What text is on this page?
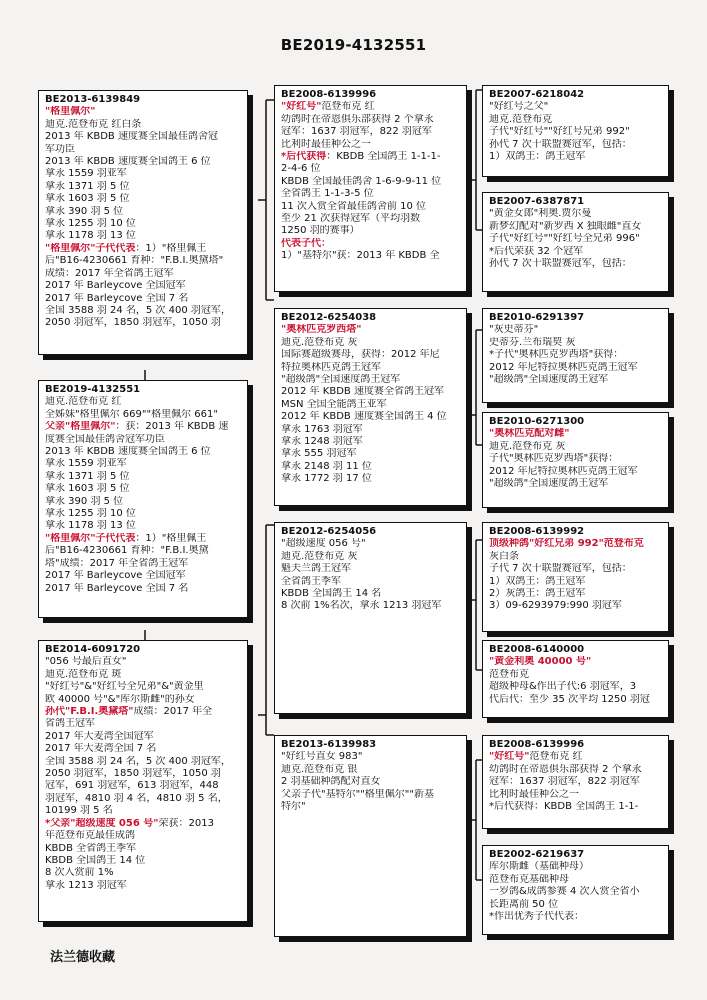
BE2019-4132551
BE2013-6139849
"格里佩尔"
迪克.范登布克 红白条
2013 年 KBDB 速度赛全国最佳鸽舍冠
军功臣
2013 年 KBDB 速度赛全国鸽王 6 位
拿永 1559 羽亚军
拿永 1371 羽 5 位
拿永 1603 羽 5 位
拿永 390 羽 5 位
拿永 1255 羽 10 位
拿永 1178 羽 13 位
"格里佩尔"子代代表：1）"格里佩王
后"B16-4230661 育种："F.B.I.奥黛塔"
成绩：2017 年全省鸽王冠军
2017 年 Barleycove 全国冠军
2017 年 Barleycove 全国 7 名
全国 3588 羽 24 名，5 次 400 羽冠军，
2050 羽冠军，1850 羽冠军，1050 羽
BE2019-4132551
迪克.范登布克 红
全姊妹"格里佩尔 669""格里佩尔 661"
父亲"格里佩尔"：获：2013 年 KBDB 速
度赛全国最佳鸽舍冠军功臣
2013 年 KBDB 速度赛全国鸽王 6 位
拿永 1559 羽亚军
拿永 1371 羽 5 位
拿永 1603 羽 5 位
拿永 390 羽 5 位
拿永 1255 羽 10 位
拿永 1178 羽 13 位
"格里佩尔"子代代表：1）"格里佩王
后"B16-4230661 育种："F.B.I.奥黛
塔"成绩：2017 年全省鸽王冠军
2017 年 Barleycove 全国冠军
2017 年 Barleycove 全国 7 名
BE2014-6091720
"056 号最后直女"
迪克.范登布克 斑
"好红号"&"好红号全兄弟"&"黄金里
欧 40000 号"&"库尔斯雌"的孙女
孙代"F.B.I.奥黛塔"成绩：2017 年全
省鸽王冠军
2017 年大麦湾全国冠军
2017 年大麦湾全国 7 名
全国 3588 羽 24 名，5 次 400 羽冠军，
2050 羽冠军，1850 羽冠军，1050 羽
冠军，691 羽冠军，613 羽冠军，448
羽冠军，4810 羽 4 名，4810 羽 5 名，
10199 羽 5 名
*父亲"超级速度 056 号"荣获：2013
年范登布克最佳成鸽
KBDB 全省鸽王季军
KBDB 全国鸽王 14 位
8 次入赏前 1%
拿永 1213 羽冠军
BE2008-6139996
"好红号"范登布克 红
幼鸽时在帝恩俱乐部获得 2 个拿永
冠军：1637 羽冠军，822 羽冠军
比利时最佳种公之一
*后代获得：KBDB 全国鸽王 1-1-1-
2-4-6 位
KBDB 全国最佳鸽舍 1-6-9-9-11 位
全省鸽王 1-1-3-5 位
11 次入赏全省最佳鸽舍前 10 位
至少 21 次获得冠军（平均羽数
1250 羽的赛事）
代表子代：
1）"基特尔"获：2013 年 KBDB 全
BE2012-6254038
"奥林匹克罗西塔"
迪克.范登布克 灰
国际赛超级赛母，获得：2012 年尼
特拉奥林匹克鸽王冠军
"超级鸽"全国速度鸽王冠军
2012 年 KBDB 速度赛全省鸽王冠军
MSN 全国全能鸽王亚军
2012 年 KBDB 速度赛全国鸽王 4 位
拿永 1763 羽冠军
拿永 1248 羽冠军
拿永 555 羽冠军
拿永 2148 羽 11 位
拿永 1772 羽 17 位
BE2012-6254056
"超级速度 056 号"
迪克.范登布克 灰
魁夫兰鸽王冠军
全省鸽王季军
KBDB 全国鸽王 14 名
8 次前 1%名次，拿永 1213 羽冠军
BE2013-6139983
"好红号直女 983"
迪克.范登布克 银
2 羽基础种鸽配对直女
父亲子代"基特尔""格里佩尔""新基
特尔"
BE2007-6218042
"好红号之父"
迪克.范登布克
子代"好红号""好红号兄弟 992"
孙代 7 次十联盟赛冠军，包括：
1）双鸽王：鸽王冠军
BE2007-6387871
"黄金女郎"利奥.贾尔曼
新梦幻配对"新罗西 X 独眼雌"直女
子代"好红号""好红号全兄弟 996"
*后代荣获 32 个冠军
孙代 7 次十联盟赛冠军，包括：
BE2010-6291397
"灰史蒂芬"
史蒂芬.兰布瑞契 灰
*子代"奥林匹克罗西塔"获得：
2012 年尼特拉奥林匹克鸽王冠军
"超级鸽"全国速度鸽王冠军
BE2010-6271300
"奥林匹克配对雌"
迪克.范登布克 灰
子代"奥林匹克罗西塔"获得：
2012 年尼特拉奥林匹克鸽王冠军
"超级鸽"全国速度鸽王冠军
BE2008-6139992
顶级种鸽"好红兄弟 992"范登布克
灰白条
子代 7 次十联盟赛冠军，包括：
1）双鸽王：鸽王冠军
2）灰鸽王：鸽王冠军
3）09-6293979:990 羽冠军
BE2008-6140000
"黄金利奥 40000 号"
范登布克
超级种母&作出子代:6 羽冠军，3
代后代：至少 35 次平均 1250 羽冠
BE2008-6139996
"好红号"范登布克 红
幼鸽时在帝恩俱乐部获得 2 个拿永
冠军：1637 羽冠军，822 羽冠军
比利时最佳种公之一
*后代获得：KBDB 全国鸽王 1-1-
BE2002-6219637
库尔斯雌（基础种母）
范登布克基础种母
一岁鸽&成鸽参赛 4 次入赏全省小
长距离前 50 位
*作出优秀子代代表：
法兰德收藏
